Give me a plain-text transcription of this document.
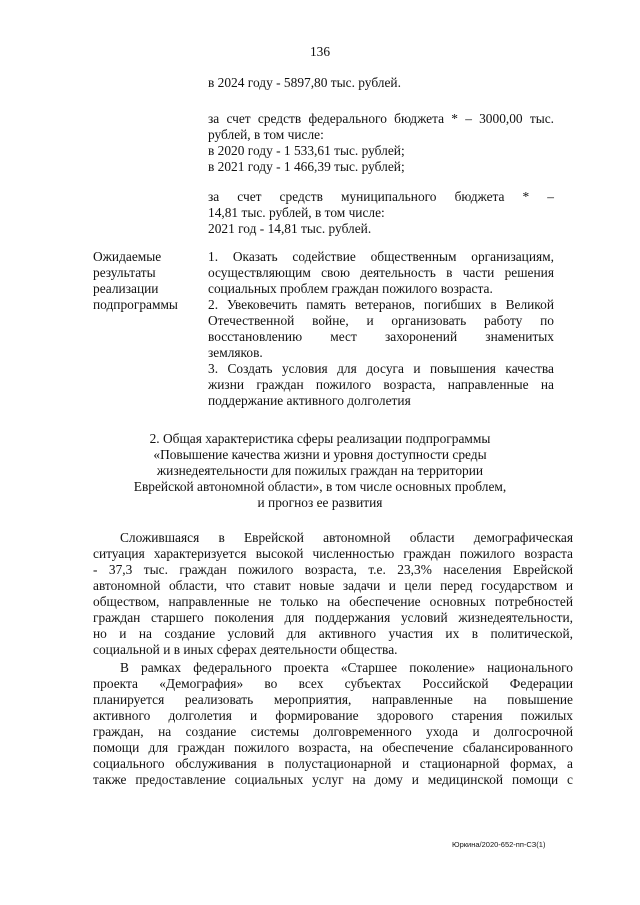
136
в 2024 году - 5897,80 тыс. рублей.
за счет средств федерального бюджета * – 3000,00 тыс.
рублей, в том числе:
в 2020 году - 1 533,61 тыс. рублей;
в 2021 году - 1 466,39 тыс. рублей;
за счет средств муниципального бюджета * –
14,81 тыс. рублей, в том числе:
2021 год - 14,81 тыс. рублей.
Ожидаемые
результаты
реализации
подпрограммы
1. Оказать содействие общественным организациям,
осуществляющим свою деятельность в части решения
социальных проблем граждан пожилого возраста.
2. Увековечить память ветеранов, погибших в Великой
Отечественной войне, и организовать работу по
восстановлению мест захоронений знаменитых
земляков.
3. Создать условия для досуга и повышения качества
жизни граждан пожилого возраста, направленные на
поддержание активного долголетия
2. Общая характеристика сферы реализации подпрограммы
«Повышение качества жизни и уровня доступности среды
жизнедеятельности для пожилых граждан на территории
Еврейской автономной области», в том числе основных проблем,
и прогноз ее развития
Сложившаяся в Еврейской автономной области демографическая
ситуация характеризуется высокой численностью граждан пожилого возраста
- 37,3 тыс. граждан пожилого возраста, т.е. 23,3% населения Еврейской
автономной области, что ставит новые задачи и цели перед государством и
обществом, направленные не только на обеспечение основных потребностей
граждан старшего поколения для поддержания условий жизнедеятельности,
но и на создание условий для активного участия их в политической,
социальной и в иных сферах деятельности общества.
В рамках федерального проекта «Старшее поколение» национального
проекта «Демография» во всех субъектах Российской Федерации
планируется реализовать мероприятия, направленные на повышение
активного долголетия и формирование здорового старения пожилых
граждан, на создание системы долговременного ухода и долгосрочной
помощи для граждан пожилого возраста, на обеспечение сбалансированного
социального обслуживания в полустационарной и стационарной формах, а
также предоставление социальных услуг на дому и медицинской помощи с
Юркина/2020-652-пп-СЗ(1)
